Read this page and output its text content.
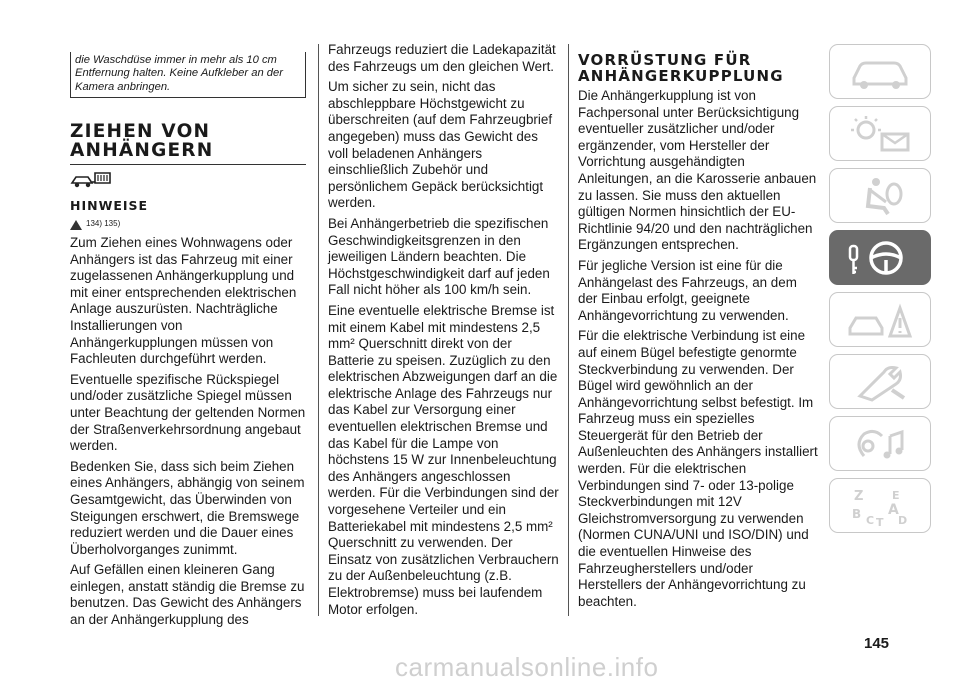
die Waschdüse immer in mehr als 10 cm Entfernung halten. Keine Aufkleber an der Kamera anbringen.
ZIEHEN VON
ANHÄNGERN
HINWEISE
134) 135)

Zum Ziehen eines Wohnwagens oder Anhängers ist das Fahrzeug mit einer zugelassenen Anhängerkupplung und mit einer entsprechenden elektrischen Anlage auszurüsten. Nachträgliche Installierungen von Anhängerkupplungen müssen von Fachleuten durchgeführt werden.

Eventuelle spezifische Rückspiegel und/oder zusätzliche Spiegel müssen unter Beachtung der geltenden Normen der Straßenverkehrsordnung angebaut werden.

Bedenken Sie, dass sich beim Ziehen eines Anhängers, abhängig von seinem Gesamtgewicht, das Überwinden von Steigungen erschwert, die Bremswege reduziert werden und die Dauer eines Überholvorganges zunimmt.

Auf Gefällen einen kleineren Gang einlegen, anstatt ständig die Bremse zu benutzen. Das Gewicht des Anhängers an der Anhängerkupplung des

Fahrzeugs reduziert die Ladekapazität des Fahrzeugs um den gleichen Wert.

Um sicher zu sein, nicht das abschleppbare Höchstgewicht zu überschreiten (auf dem Fahrzeugbrief angegeben) muss das Gewicht des voll beladenen Anhängers einschließlich Zubehör und persönlichem Gepäck berücksichtigt werden.

Bei Anhängerbetrieb die spezifischen Geschwindigkeitsgrenzen in den jeweiligen Ländern beachten. Die Höchstgeschwindigkeit darf auf jeden Fall nicht höher als 100 km/h sein.

Eine eventuelle elektrische Bremse ist mit einem Kabel mit mindestens 2,5 mm² Querschnitt direkt von der Batterie zu speisen. Zuzüglich zu den elektrischen Abzweigungen darf an die elektrische Anlage des Fahrzeugs nur das Kabel zur Versorgung einer eventuellen elektrischen Bremse und das Kabel für die Lampe von höchstens 15 W zur Innenbeleuchtung des Anhängers angeschlossen werden. Für die Verbindungen sind der vorgesehene Verteiler und ein Batteriekabel mit mindestens 2,5 mm² Querschnitt zu verwenden. Der Einsatz von zusätzlichen Verbrauchern zu der Außenbeleuchtung (z.B. Elektrobremse) muss bei laufendem Motor erfolgen.

VORRÜSTUNG FÜR
ANHÄNGERKUPPLUNG

Die Anhängerkupplung ist von Fachpersonal unter Berücksichtigung eventueller zusätzlicher und/oder ergänzender, vom Hersteller der Vorrichtung ausgehändigten Anleitungen, an die Karosserie anbauen zu lassen. Sie muss den aktuellen gültigen Normen hinsichtlich der EU-Richtlinie 94/20 und den nachträglichen Ergänzungen entsprechen.

Für jegliche Version ist eine für die Anhängelast des Fahrzeugs, an dem der Einbau erfolgt, geeignete Anhängevorrichtung zu verwenden.

Für die elektrische Verbindung ist eine auf einem Bügel befestigte genormte Steckverbindung zu verwenden. Der Bügel wird gewöhnlich an der Anhängevorrichtung selbst befestigt. Im Fahrzeug muss ein spezielles Steuergerät für den Betrieb der Außenleuchten des Anhängers installiert werden. Für die elektrischen Verbindungen sind 7- oder 13-polige Steckverbindungen mit 12V Gleichstromversorgung zu verwenden (Normen CUNA/UNI und ISO/DIN) und die eventuellen Hinweise des Fahrzeugherstellers und/oder Herstellers der Anhängevorrichtung zu beachten.

Z	E
B A
C T D
145
carmanualsonline.info
